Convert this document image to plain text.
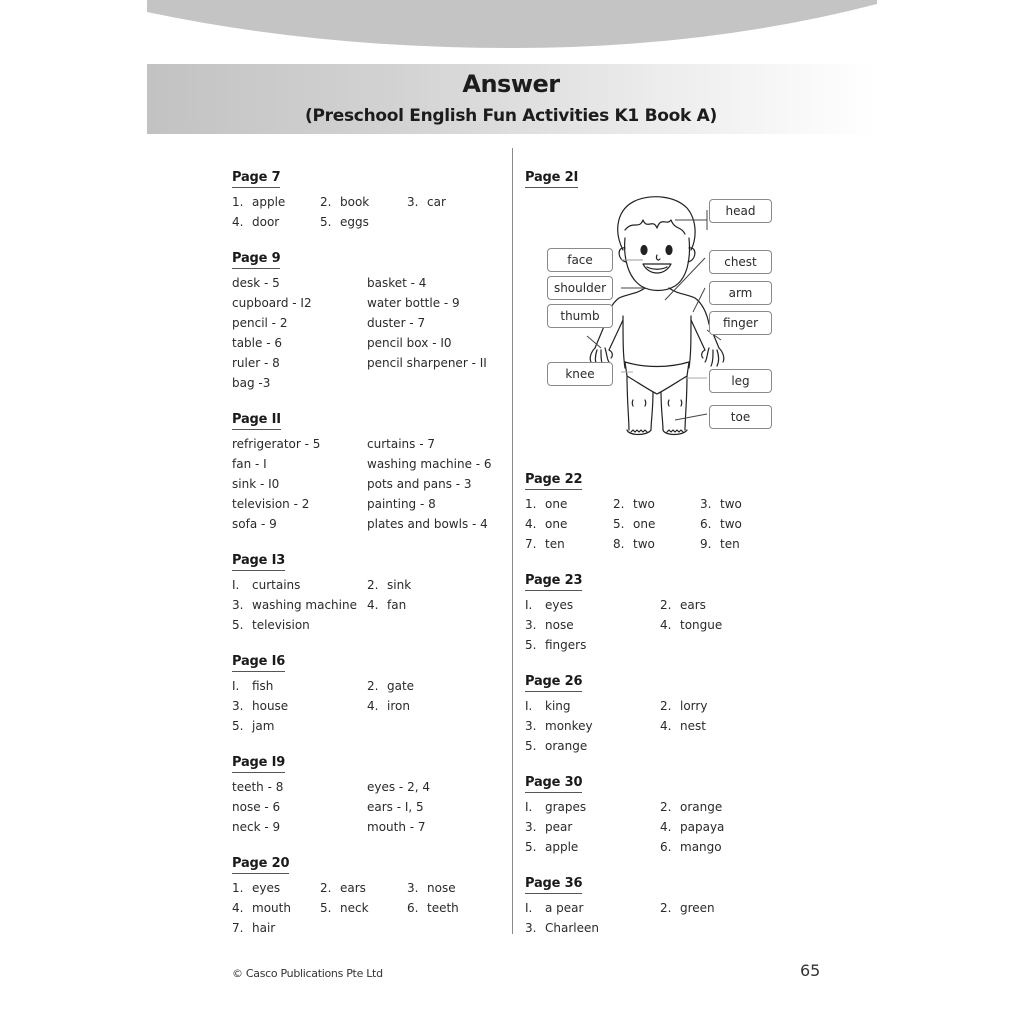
Answer
(Preschool English Fun Activities K1 Book A)
Page 7
1. apple	2. book	3. car
4. door	5. eggs
Page 9
desk - 5	basket - 4
cupboard - I2	water bottle - 9
pencil - 2	duster - 7
table - 6	pencil box - I0
ruler - 8	pencil sharpener - II
bag -3
Page II
refrigerator - 5	curtains - 7
fan - I	washing machine - 6
sink - I0	pots and pans - 3
television - 2	painting - 8
sofa - 9	plates and bowls - 4
Page I3
I. curtains	2. sink
3. washing machine 4. fan
5. television
Page I6
I. fish	2. gate
3. house	4. iron
5. jam
Page I9
teeth - 8	eyes - 2, 4
nose - 6	ears - I, 5
neck - 9	mouth - 7
Page 20
1. eyes	2. ears	3. nose
4. mouth 5. neck	6. teeth
7. hair
Page 2I
head
face	chest
shoulder	arm
thumb	finger
knee	leg
toe
Page 22
1. one	2. two	3. two
4. one	5. one	6. two
7. ten	8. two	9. ten
Page 23
I. eyes	2. ears
3. nose	4. tongue
5. fingers
Page 26
I. king	2. lorry
3. monkey	4. nest
5. orange
Page 30
I. grapes	2. orange
3. pear	4. papaya
5. apple	6. mango
Page 36
I. a pear	2. green
3. Charleen
© Casco Publications Pte Ltd	65
